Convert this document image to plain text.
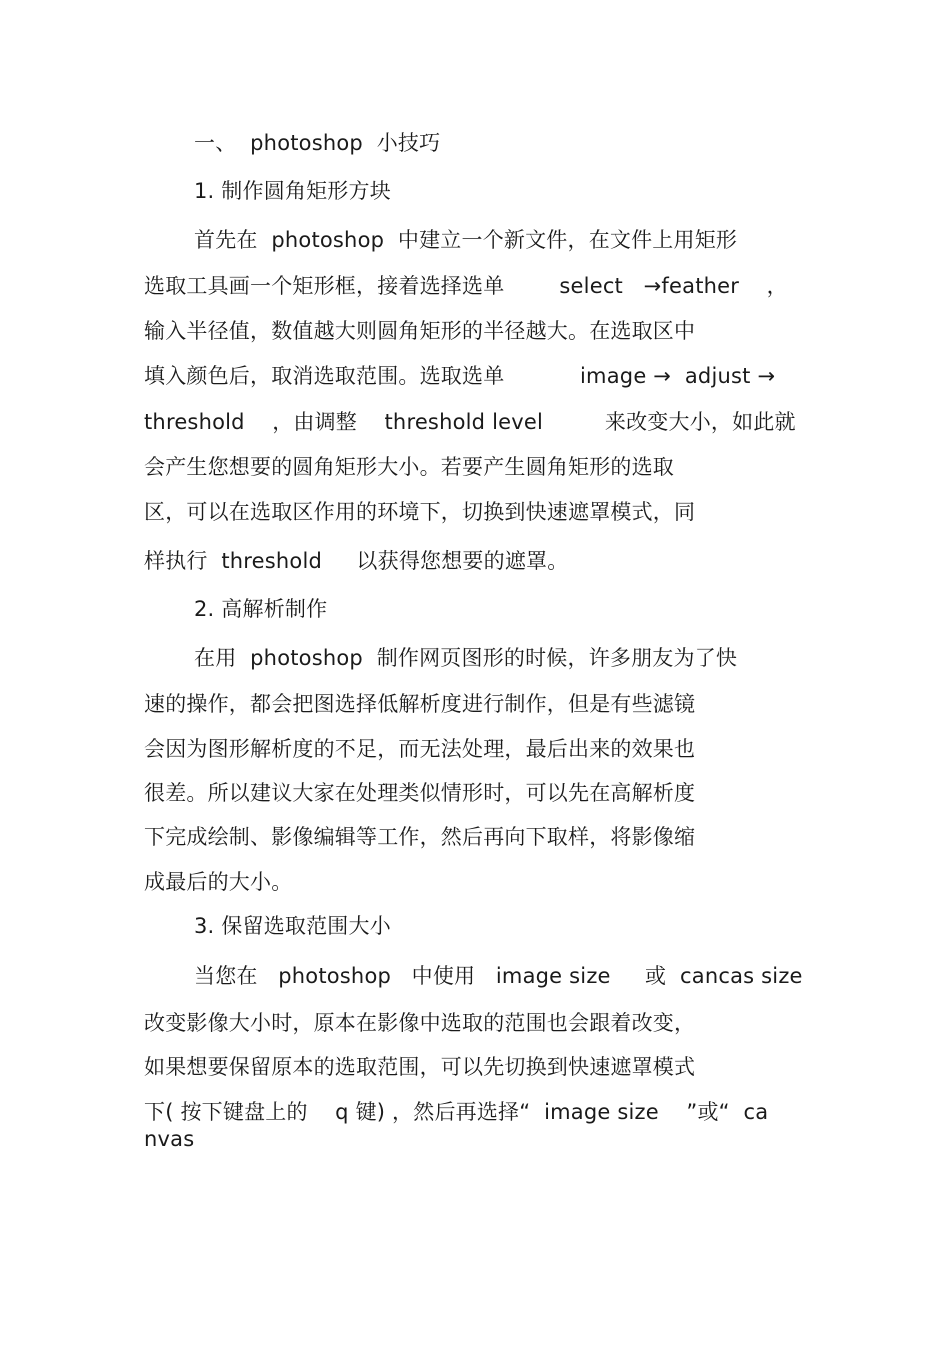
一、  photoshop  小技巧
1. 制作圆角矩形方块
首先在  photoshop  中建立一个新文件，在文件上用矩形
选取工具画一个矩形框，接着选择选单        select   →feather    ，
输入半径值，数值越大则圆角矩形的半径越大。在选取区中
填入颜色后，取消选取范围。选取选单           image →  adjust →
threshold    ，由调整    threshold level         来改变大小，如此就
会产生您想要的圆角矩形大小。若要产生圆角矩形的选取
区，可以在选取区作用的环境下，切换到快速遮罩模式，同
样执行  threshold     以获得您想要的遮罩。
2. 高解析制作
在用  photoshop  制作网页图形的时候，许多朋友为了快
速的操作，都会把图选择低解析度进行制作，但是有些滤镜
会因为图形解析度的不足，而无法处理，最后出来的效果也
很差。所以建议大家在处理类似情形时，可以先在高解析度
下完成绘制、影像编辑等工作，然后再向下取样，将影像缩
成最后的大小。
3. 保留选取范围大小
当您在   photoshop   中使用   image size     或  cancas size
改变影像大小时，原本在影像中选取的范围也会跟着改变，
如果想要保留原本的选取范围，可以先切换到快速遮罩模式
下( 按下键盘上的    q 键) ，然后再选择“  image size    ”或“  ca
nvas
